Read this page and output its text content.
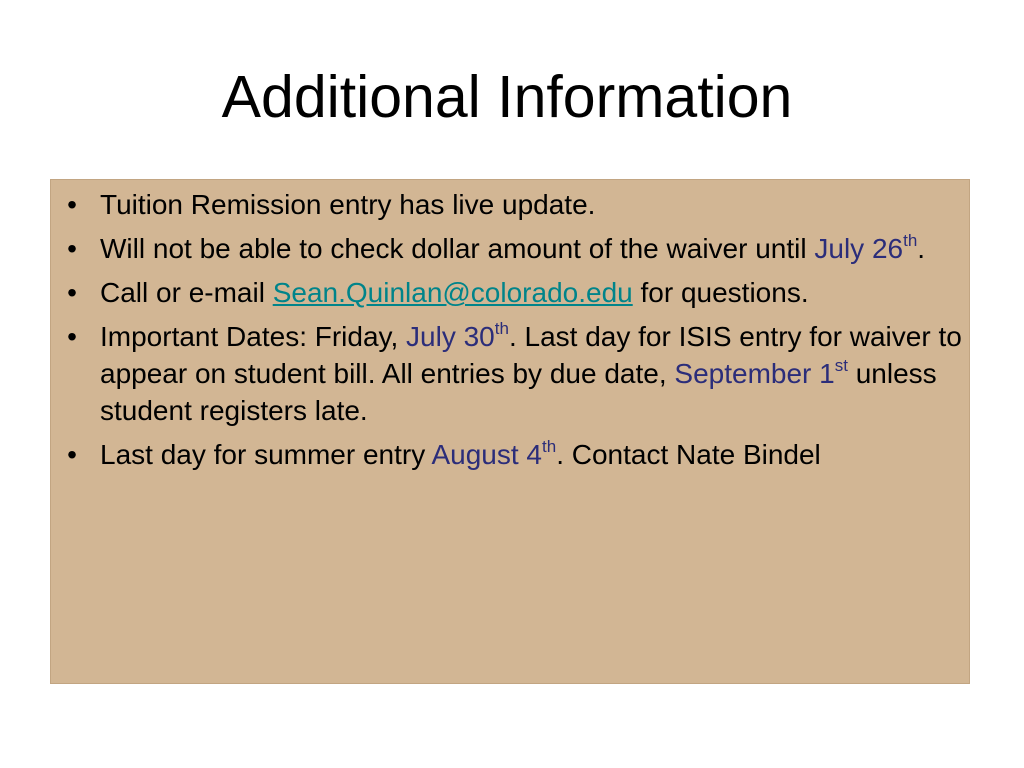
Additional Information
• Tuition Remission entry has live update.
• Will not be able to check dollar amount of the waiver until July 26th.
• Call or e-mail Sean.Quinlan@colorado.edu for questions.
• Important Dates: Friday, July 30th. Last day for ISIS entry for waiver to appear on student bill. All entries by due date, September 1st unless student registers late.
• Last day for summer entry August 4th. Contact Nate Bindel
